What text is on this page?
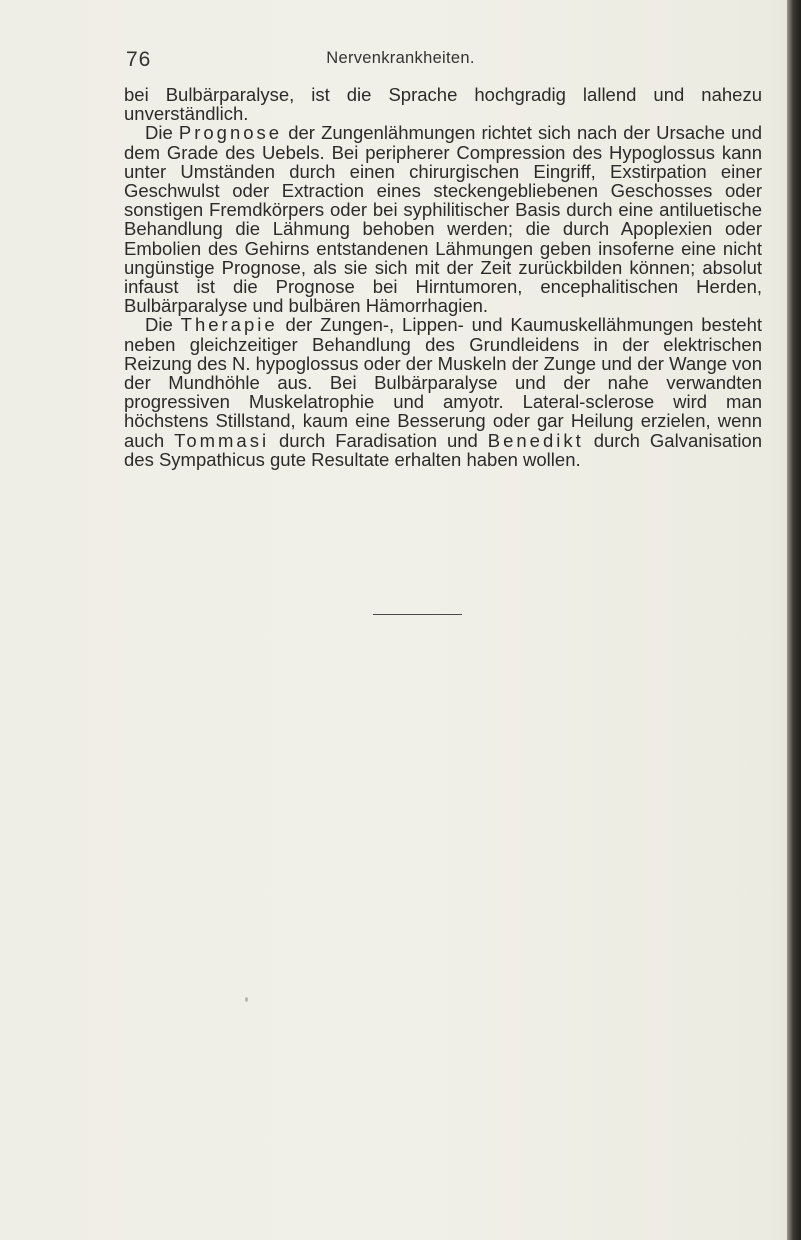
76	Nervenkrankheiten.

bei Bulbärparalyse, ist die Sprache hochgradig lallend und nahezu unverständlich.

Die Prognose der Zungenlähmungen richtet sich nach der Ursache und dem Grade des Uebels. Bei peripherer Compression des Hypoglossus kann unter Umständen durch einen chirurgischen Eingriff, Exstirpation einer Geschwulst oder Extraction eines steckengebliebenen Geschosses oder sonstigen Fremdkörpers oder bei syphilitischer Basis durch eine antiluetische Behandlung die Lähmung behoben werden; die durch Apoplexien oder Embolien des Gehirns entstandenen Lähmungen geben insoferne eine nicht ungünstige Prognose, als sie sich mit der Zeit zurückbilden können; absolut infaust ist die Prognose bei Hirntumoren, encephalitischen Herden, Bulbärparalyse und bulbären Hämorrhagien.

Die Therapie der Zungen-, Lippen- und Kaumuskellähmungen besteht neben gleichzeitiger Behandlung des Grundleidens in der elektrischen Reizung des N. hypoglossus oder der Muskeln der Zunge und der Wange von der Mundhöhle aus. Bei Bulbärparalyse und der nahe verwandten progressiven Muskelatrophie und amyotr. Lateral-sclerose wird man höchstens Stillstand, kaum eine Besserung oder gar Heilung erzielen, wenn auch Tommasi durch Faradisation und Benedikt durch Galvanisation des Sympathicus gute Resultate erhalten haben wollen.
